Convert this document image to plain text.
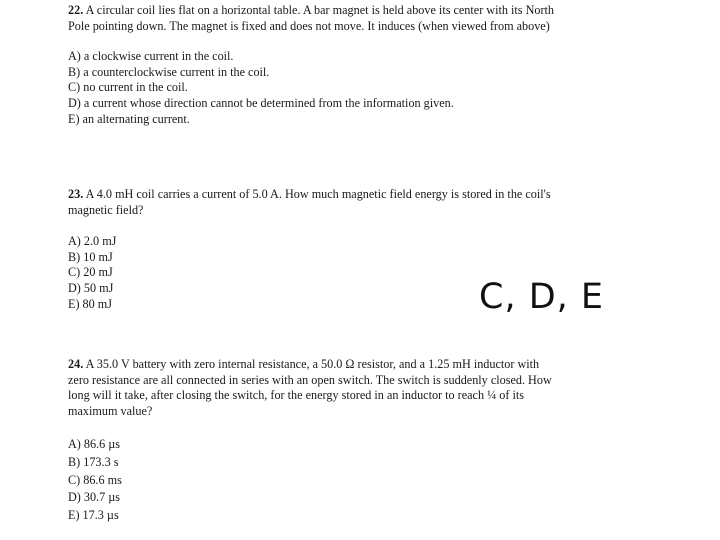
22. A circular coil lies flat on a horizontal table. A bar magnet is held above its center with its North Pole pointing down. The magnet is fixed and does not move. It induces (when viewed from above)

A) a clockwise current in the coil.
B) a counterclockwise current in the coil.
C) no current in the coil.
D) a current whose direction cannot be determined from the information given.
E) an alternating current.

23. A 4.0 mH coil carries a current of 5.0 A. How much magnetic field energy is stored in the coil's magnetic field?

A) 2.0 mJ
B) 10 mJ
C) 20 mJ
D) 50 mJ
E) 80 mJ	C, D, E

24. A 35.0 V battery with zero internal resistance, a 50.0 Ω resistor, and a 1.25 mH inductor with zero resistance are all connected in series with an open switch. The switch is suddenly closed. How long will it take, after closing the switch, for the energy stored in an inductor to reach ¼ of its maximum value?

A) 86.6 µs
B) 173.3 s
C) 86.6 ms
D) 30.7 µs
E) 17.3 µs
